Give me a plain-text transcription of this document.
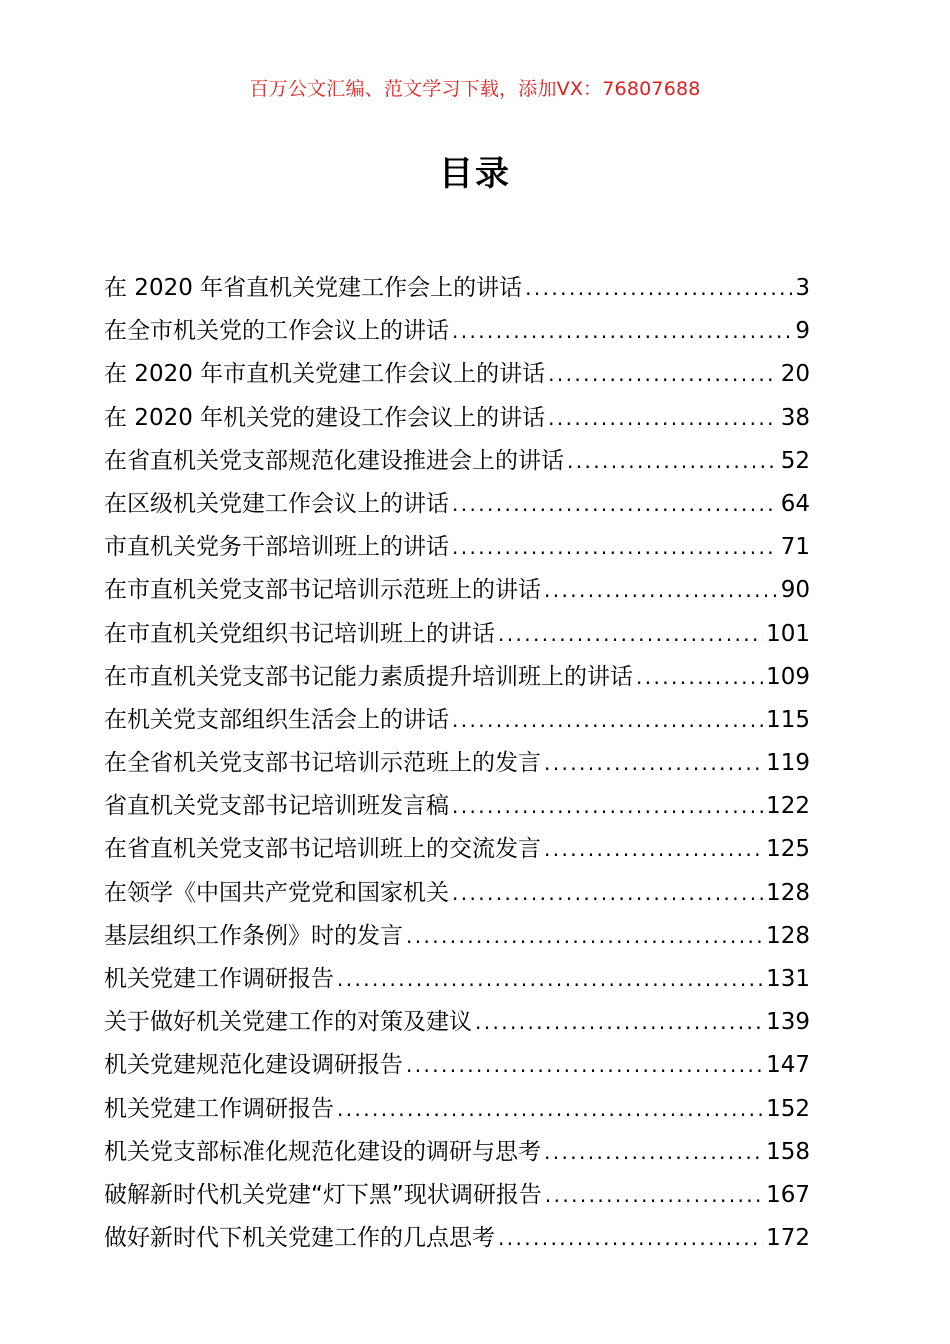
百万公文汇编、范文学习下载，添加VX：76807688
目录
在 2020 年省直机关党建工作会上的讲话 .....	3
在全市机关党的工作会议上的讲话 .....	9
在 2020 年市直机关党建工作会议上的讲话 .....	20
在 2020 年机关党的建设工作会议上的讲话 .....	38
在省直机关党支部规范化建设推进会上的讲话 .....	52
在区级机关党建工作会议上的讲话 .....	64
市直机关党务干部培训班上的讲话 .....	71
在市直机关党支部书记培训示范班上的讲话 .....	90
在市直机关党组织书记培训班上的讲话 .....	101
在市直机关党支部书记能力素质提升培训班上的讲话 .....	109
在机关党支部组织生活会上的讲话 .....	115
在全省机关党支部书记培训示范班上的发言 .....	119
省直机关党支部书记培训班发言稿 .....	122
在省直机关党支部书记培训班上的交流发言 .....	125
在领学《中国共产党党和国家机关 .....	128
基层组织工作条例》时的发言 .....	128
机关党建工作调研报告 .....	131
关于做好机关党建工作的对策及建议 .....	139
机关党建规范化建设调研报告 .....	147
机关党建工作调研报告 .....	152
机关党支部标准化规范化建设的调研与思考 .....	158
破解新时代机关党建“灯下黑”现状调研报告 .....	167
做好新时代下机关党建工作的几点思考 .....	172
